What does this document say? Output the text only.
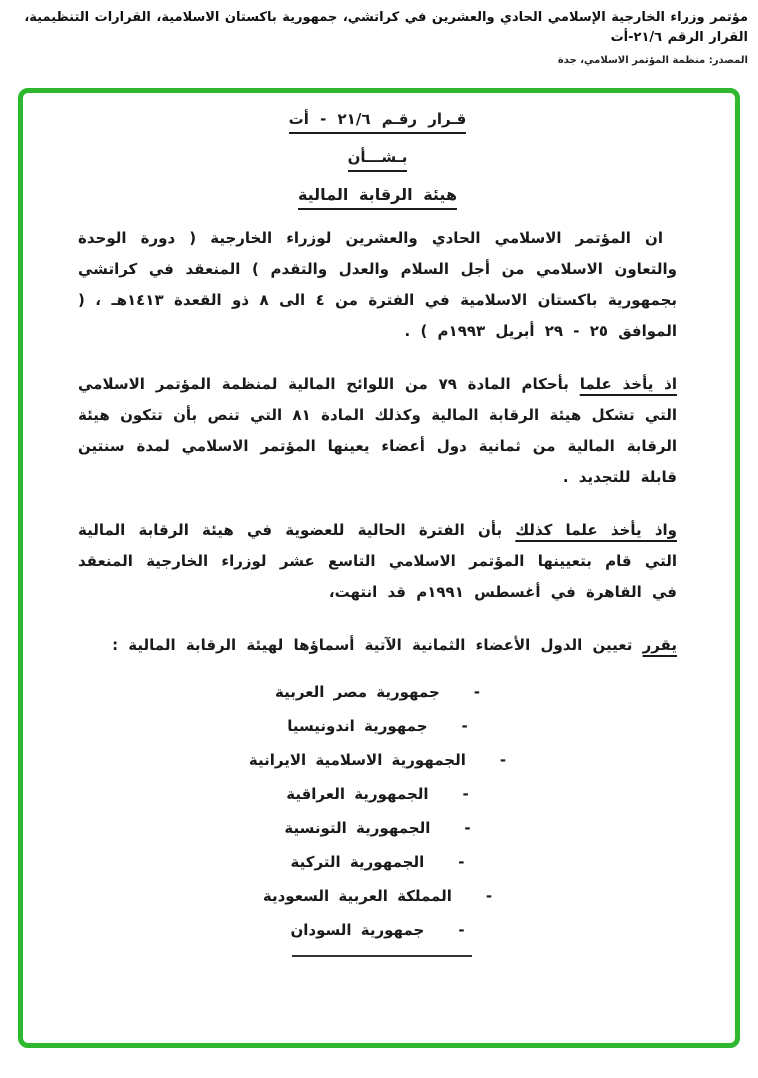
مؤتمر وزراء الخارجية الإسلامي الحادي والعشرين في كراتشي، جمهورية باكستان الاسلامية، القرارات التنظيمية، القرار الرقم ٢١/٦-أت
المصدر: منظمة المؤتمر الاسلامي، جدة
قـرار رقـم ٢١/٦ - أت
بـشـــأن
هيئة الرقابة المالية

ان المؤتمر الاسلامي الحادي والعشرين لوزراء الخارجية ( دورة الوحدة والتعاون الاسلامي من أجل السلام والعدل والتقدم ) المنعقد في كراتشي بجمهورية باكستان الاسلامية في الفترة من ٤ الى ٨ ذو القعدة ١٤١٣هـ ، ( الموافق ٢٥ - ٢٩ أبريل ١٩٩٣م ) .

اذ يأخذ علما بأحكام المادة ٧٩ من اللوائح المالية لمنظمة المؤتمر الاسلامي التي تشكل هيئة الرقابة المالية وكذلك المادة ٨١ التي تنص بأن تتكون هيئة الرقابة المالية من ثمانية دول أعضاء يعينها المؤتمر الاسلامي لمدة سنتين قابلة للتجديد .

واذ يأخذ علما كذلك بأن الفترة الحالية للعضوية في هيئة الرقابة المالية التي قام بتعيينها المؤتمر الاسلامي التاسع عشر لوزراء الخارجية المنعقد في القاهرة في أغسطس ١٩٩١م قد انتهت،

يقرر تعيين الدول الأعضاء الثمانية الآتية أسماؤها لهيئة الرقابة المالية :

-
جمهورية مصر العربية
-
جمهورية اندونيسيا
-
الجمهورية الاسلامية الايرانية
-
الجمهورية العراقية
-
الجمهورية التونسية
-
الجمهورية التركية
-
المملكة العربية السعودية
-
جمهورية السودان
